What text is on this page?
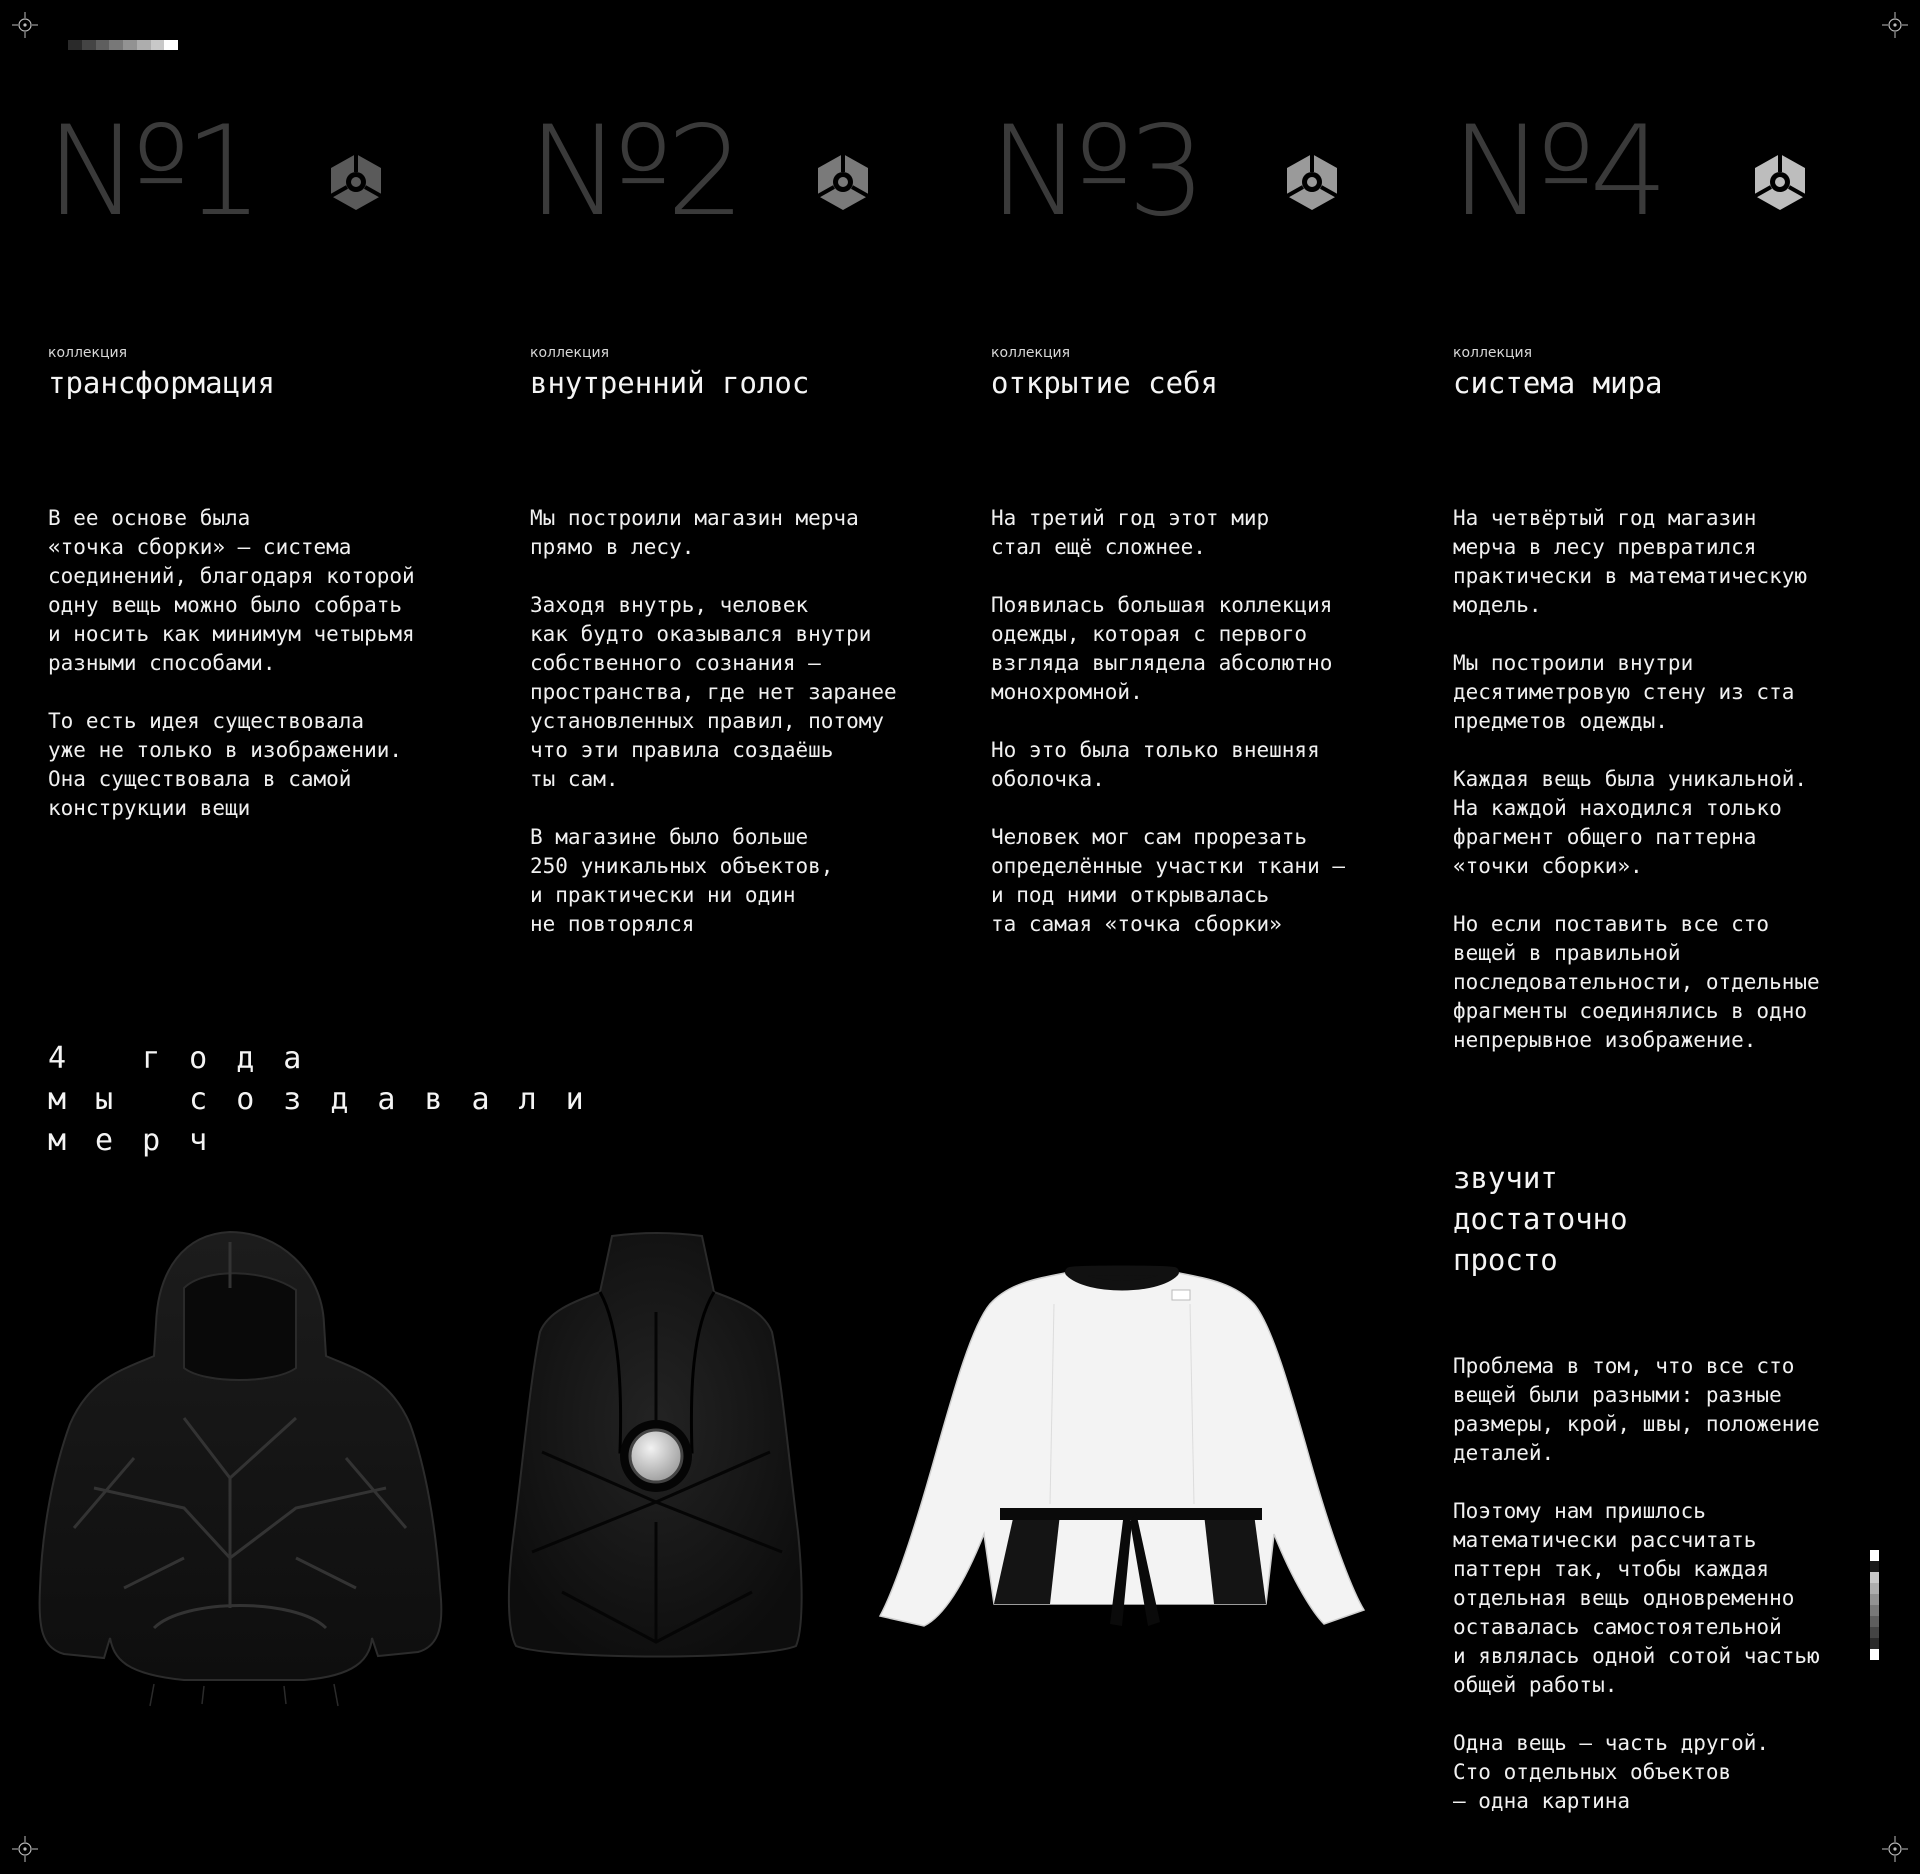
№1
коллекция
трансформация
В ее основе была
«точка сборки» — система
соединений, благодаря которой
одну вещь можно было собрать
и носить как минимум четырьмя
разными способами.

То есть идея существовала
уже не только в изображении.
Она существовала в самой
конструкции вещи
№2
коллекция
внутренний голос
Мы построили магазин мерча
прямо в лесу.

Заходя внутрь, человек
как будто оказывался внутри
собственного сознания —
пространства, где нет заранее
установленных правил, потому
что эти правила создаёшь
ты сам.

В магазине было больше
250 уникальных объектов,
и практически ни один
не повторялся
№3
коллекция
открытие себя
На третий год этот мир
стал ещё сложнее.

Появилась большая коллекция
одежды, которая с первого
взгляда выглядела абсолютно
монохромной.

Но это была только внешняя
оболочка.

Человек мог сам прорезать
определённые участки ткани —
и под ними открывалась
та самая «точка сборки»
№4
коллекция
система мира
На четвёртый год магазин
мерча в лесу превратился
практически в математическую
модель.

Мы построили внутри
десятиметровую стену из ста
предметов одежды.

Каждая вещь была уникальной.
На каждой находился только
фрагмент общего паттерна
«точки сборки».

Но если поставить все сто
вещей в правильной
последовательности, отдельные
фрагменты соединялись в одно
непрерывное изображение.
4 года
мы создавали
мерч
звучит
достаточно
просто
Проблема в том, что все сто
вещей были разными: разные
размеры, крой, швы, положение
деталей.

Поэтому нам пришлось
математически рассчитать
паттерн так, чтобы каждая
отдельная вещь одновременно
оставалась самостоятельной
и являлась одной сотой частью
общей работы.

Одна вещь — часть другой.
Сто отдельных объектов
— одна картина
